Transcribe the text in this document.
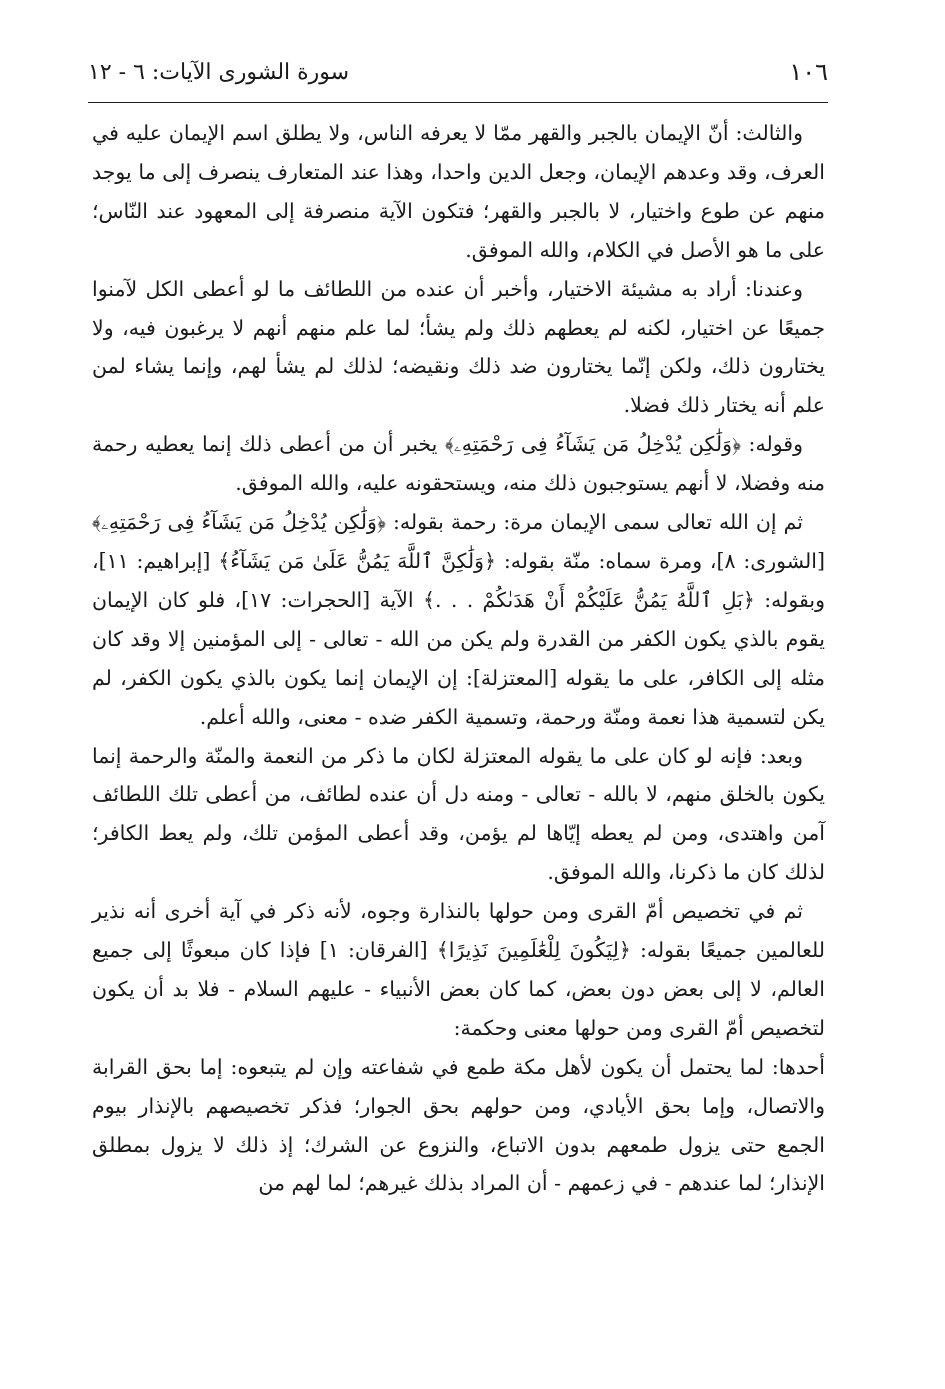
١٠٦
سورة الشورى الآيات: ٦ - ١٢

والثالث: أنّ الإيمان بالجبر والقهر ممّا لا يعرفه الناس، ولا يطلق اسم الإيمان عليه في العرف، وقد وعدهم الإيمان، وجعل الدين واحدا، وهذا عند المتعارف ينصرف إلى ما يوجد منهم عن طوع واختيار، لا بالجبر والقهر؛ فتكون الآية منصرفة إلى المعهود عند النّاس؛ على ما هو الأصل في الكلام، والله الموفق.

وعندنا: أراد به مشيئة الاختيار، وأخبر أن عنده من اللطائف ما لو أعطى الكل لآمنوا جميعًا عن اختيار، لكنه لم يعطهم ذلك ولم يشأ؛ لما علم منهم أنهم لا يرغبون فيه، ولا يختارون ذلك، ولكن إنّما يختارون ضد ذلك ونقيضه؛ لذلك لم يشأ لهم، وإنما يشاء لمن علم أنه يختار ذلك فضلا.

وقوله: ﴿وَلَٰكِن يُدْخِلُ مَن يَشَآءُ فِى رَحْمَتِهِۦ﴾ يخبر أن من أعطى ذلك إنما يعطيه رحمة منه وفضلا، لا أنهم يستوجبون ذلك منه، ويستحقونه عليه، والله الموفق.

ثم إن الله تعالى سمى الإيمان مرة: رحمة بقوله: ﴿وَلَٰكِن يُدْخِلُ مَن يَشَآءُ فِى رَحْمَتِهِۦ﴾ [الشورى: ٨]، ومرة سماه: منّة بقوله: ﴿وَلَٰكِنَّ ٱللَّهَ يَمُنُّ عَلَىٰ مَن يَشَآءُ﴾ [إبراهيم: ١١]، وبقوله: ﴿بَلِ ٱللَّهُ يَمُنُّ عَلَيْكُمْ أَنْ هَدَىٰكُمْ . . .﴾ الآية [الحجرات: ١٧]، فلو كان الإيمان يقوم بالذي يكون الكفر من القدرة ولم يكن من الله - تعالى - إلى المؤمنين إلا وقد كان مثله إلى الكافر، على ما يقوله [المعتزلة]: إن الإيمان إنما يكون بالذي يكون الكفر، لم يكن لتسمية هذا نعمة ومنّة ورحمة، وتسمية الكفر ضده - معنى، والله أعلم.

وبعد: فإنه لو كان على ما يقوله المعتزلة لكان ما ذكر من النعمة والمنّة والرحمة إنما يكون بالخلق منهم، لا بالله - تعالى - ومنه دل أن عنده لطائف، من أعطى تلك اللطائف آمن واهتدى، ومن لم يعطه إيّاها لم يؤمن، وقد أعطى المؤمن تلك، ولم يعط الكافر؛ لذلك كان ما ذكرنا، والله الموفق.

ثم في تخصيص أمّ القرى ومن حولها بالنذارة وجوه، لأنه ذكر في آية أخرى أنه نذير للعالمين جميعًا بقوله: ﴿لِيَكُونَ لِلْعَٰلَمِينَ نَذِيرًا﴾ [الفرقان: ١] فإذا كان مبعوثًا إلى جميع العالم، لا إلى بعض دون بعض، كما كان بعض الأنبياء - عليهم السلام - فلا بد أن يكون لتخصيص أمّ القرى ومن حولها معنى وحكمة:

أحدها: لما يحتمل أن يكون لأهل مكة طمع في شفاعته وإن لم يتبعوه: إما بحق القرابة والاتصال، وإما بحق الأيادي، ومن حولهم بحق الجوار؛ فذكر تخصيصهم بالإنذار بيوم الجمع حتى يزول طمعهم بدون الاتباع، والنزوع عن الشرك؛ إذ ذلك لا يزول بمطلق الإنذار؛ لما عندهم - في زعمهم - أن المراد بذلك غيرهم؛ لما لهم من
